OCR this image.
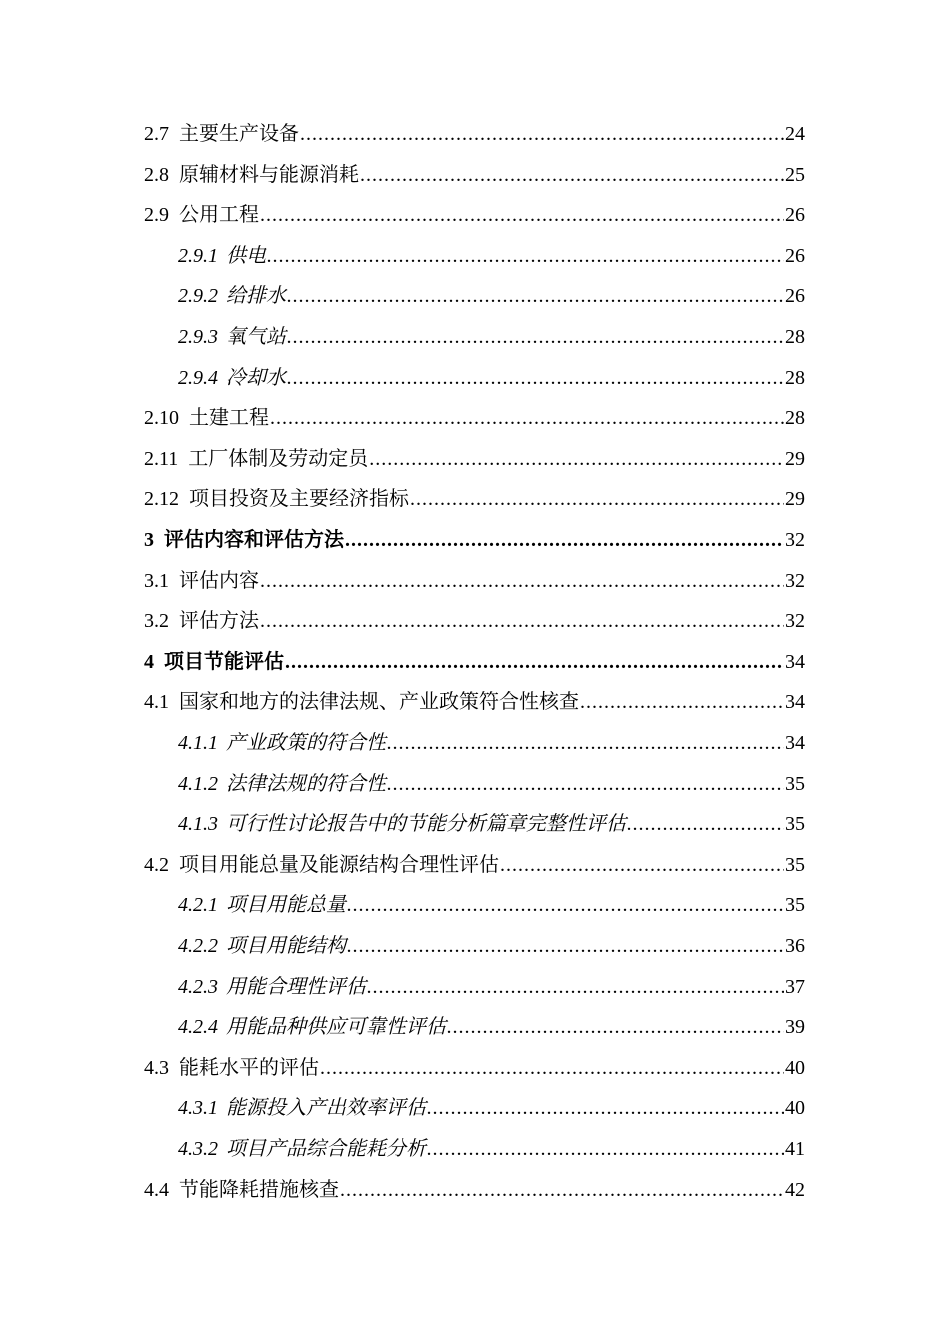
2.7 主要生产设备 .....	24
2.8 原辅材料与能源消耗 .....	25
2.9 公用工程 .....	26
2.9.1 供电 .....	26
2.9.2 给排水 .....	26
2.9.3 氧气站 .....	28
2.9.4 冷却水 .....	28
2.10 土建工程 .....	28
2.11 工厂体制及劳动定员 .....	29
2.12 项目投资及主要经济指标 .....	29
3 评估内容和评估方法 .....	32
3.1 评估内容 .....	32
3.2 评估方法 .....	32
4 项目节能评估 .....	34
4.1 国家和地方的法律法规、产业政策符合性核查 .....	34
4.1.1 产业政策的符合性 .....	34
4.1.2 法律法规的符合性 .....	35
4.1.3 可行性讨论报告中的节能分析篇章完整性评估 .....	35
4.2 项目用能总量及能源结构合理性评估 .....	35
4.2.1 项目用能总量 .....	35
4.2.2 项目用能结构 .....	36
4.2.3 用能合理性评估 .....	37
4.2.4 用能品种供应可靠性评估 .....	39
4.3 能耗水平的评估 .....	40
4.3.1 能源投入产出效率评估 .....	40
4.3.2 项目产品综合能耗分析 .....	41
4.4 节能降耗措施核查 .....	42
